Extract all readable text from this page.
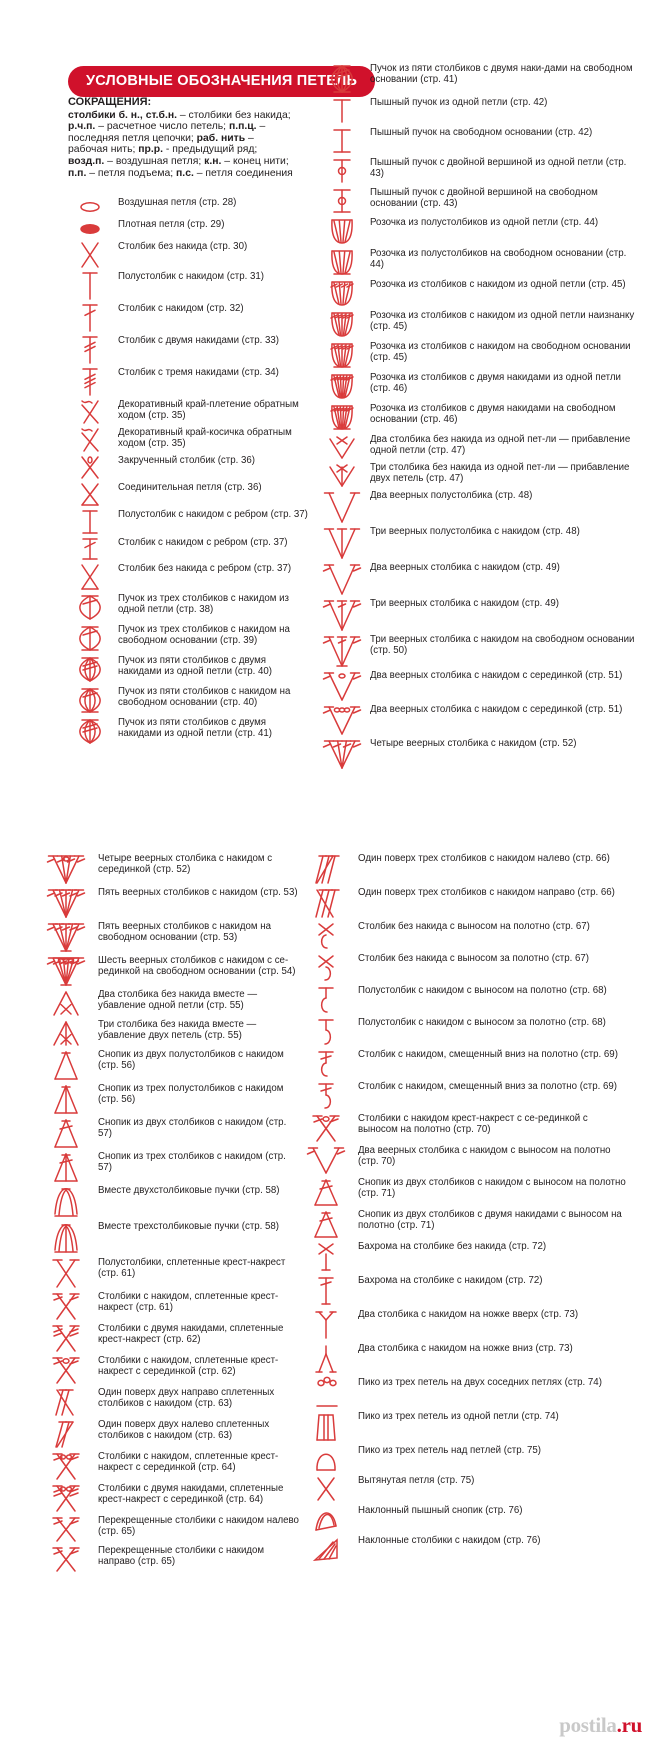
УСЛОВНЫЕ ОБОЗНАЧЕНИЯ ПЕТЕЛЬ
СОКРАЩЕНИЯ:
столбики б. н., ст.б.н. – столбики без накида; р.ч.п. – расчетное число петель; п.п.ц. – последняя петля цепочки; раб. нить – рабочая нить; пр.р. - предыдущий ряд; возд.п. – воздушная петля; к.н. – конец нити; п.п. – петля подъема; п.с. – петля соединения
Воздушная петля (стр. 28)
Плотная петля (стр. 29)
Столбик без накида (стр. 30)
Полустолбик с накидом (стр. 31)
Столбик с накидом (стр. 32)
Столбик с двумя накидами (стр. 33)
Столбик с тремя накидами (стр. 34)
Декоративный край-плетение обратным ходом (стр. 35)
Декоративный край-косичка обратным ходом (стр. 35)
Закрученный столбик (стр. 36)
Соединительная петля (стр. 36)
Полустолбик с накидом с ребром (стр. 37)
Столбик с накидом с ребром (стр. 37)
Столбик без накида с ребром (стр. 37)
Пучок из трех столбиков с накидом из одной петли (стр. 38)
Пучок из трех столбиков с накидом на свободном основании (стр. 39)
Пучок из пяти столбиков с двумя накидами из одной петли (стр. 40)
Пучок из пяти столбиков с накидом на свободном основании (стр. 40)
Пучок из пяти столбиков с двумя накидами из одной петли (стр. 41)
Пучок из пяти столбиков с двумя наки-дами на свободном основании (стр. 41)
Пышный пучок из одной петли (стр. 42)
Пышный пучок на свободном основании (стр. 42)
Пышный пучок с двойной вершиной из одной петли (стр. 43)
Пышный пучок с двойной вершиной на свободном основании (стр. 43)
Розочка из полустолбиков из одной петли (стр. 44)
Розочка из полустолбиков на свободном основании (стр. 44)
Розочка из столбиков с накидом из одной петли (стр. 45)
Розочка из столбиков с накидом из одной петли наизнанку (стр. 45)
Розочка из столбиков с накидом на свободном основании (стр. 45)
Розочка из столбиков с двумя накидами из одной петли (стр. 46)
Розочка из столбиков с двумя накидами на свободном основании (стр. 46)
Два столбика без накида из одной пет-ли — прибавление одной петли (стр. 47)
Три столбика без накида из одной пет-ли — прибавление двух петель (стр. 47)
Два веерных полустолбика (стр. 48)
Три веерных полустолбика с накидом (стр. 48)
Два веерных столбика с накидом (стр. 49)
Три веерных столбика с накидом (стр. 49)
Три веерных столбика с накидом на свободном основании (стр. 50)
Два веерных столбика с накидом с серединкой (стр. 51)
Два веерных столбика с накидом с серединкой (стр. 51)
Четыре веерных столбика с накидом (стр. 52)
Четыре веерных столбика с накидом с серединкой (стр. 52)
Пять веерных столбиков с накидом (стр. 53)
Пять веерных столбиков с накидом на свободном основании (стр. 53)
Шесть веерных столбиков с накидом с се-рединкой на свободном основании (стр. 54)
Два столбика без накида вместе — убавление одной петли (стр. 55)
Три столбика без накида вместе — убавление двух петель (стр. 55)
Снопик из двух полустолбиков с накидом (стр. 56)
Снопик из трех полустолбиков с накидом (стр. 56)
Снопик из двух столбиков с накидом (стр. 57)
Снопик из трех столбиков с накидом (стр. 57)
Вместе двухстолбиковые пучки (стр. 58)
Вместе трехстолбиковые пучки (стр. 58)
Полустолбики, сплетенные крест-накрест (стр. 61)
Столбики с накидом, сплетенные крест-накрест (стр. 61)
Столбики с двумя накидами, сплетенные крест-накрест (стр. 62)
Столбики с накидом, сплетенные крест-накрест с серединкой (стр. 62)
Один поверх двух направо сплетенных столбиков с накидом (стр. 63)
Один поверх двух налево сплетенных столбиков с накидом (стр. 63)
Столбики с накидом, сплетенные крест-накрест с серединкой (стр. 64)
Столбики с двумя накидами, сплетенные крест-накрест с серединкой (стр. 64)
Перекрещенные столбики с накидом налево (стр. 65)
Перекрещенные столбики с накидом направо (стр. 65)
Один поверх трех столбиков с накидом налево (стр. 66)
Один поверх трех столбиков с накидом направо (стр. 66)
Столбик без накида с выносом на полотно (стр. 67)
Столбик без накида с выносом за полотно (стр. 67)
Полустолбик с накидом с выносом на полотно (стр. 68)
Полустолбик с накидом с выносом за полотно (стр. 68)
Столбик с накидом, смещенный вниз на полотно (стр. 69)
Столбик с накидом, смещенный вниз за полотно (стр. 69)
Столбики с накидом крест-накрест с се-рединкой с выносом на полотно (стр. 70)
Два веерных столбика с накидом с выносом на полотно (стр. 70)
Снопик из двух столбиков с накидом с выносом на полотно (стр. 71)
Снопик из двух столбиков с двумя накидами с выносом на полотно (стр. 71)
Бахрома на столбике без накида (стр. 72)
Бахрома на столбике с накидом (стр. 72)
Два столбика с накидом на ножке вверх (стр. 73)
Два столбика с накидом на ножке вниз (стр. 73)
Пико из трех петель на двух соседних петлях (стр. 74)
Пико из трех петель из одной петли (стр. 74)
Пико из трех петель над петлей (стр. 75)
Вытянутая петля (стр. 75)
Наклонный пышный снопик (стр. 76)
Наклонные столбики с накидом (стр. 76)
postila.ru
